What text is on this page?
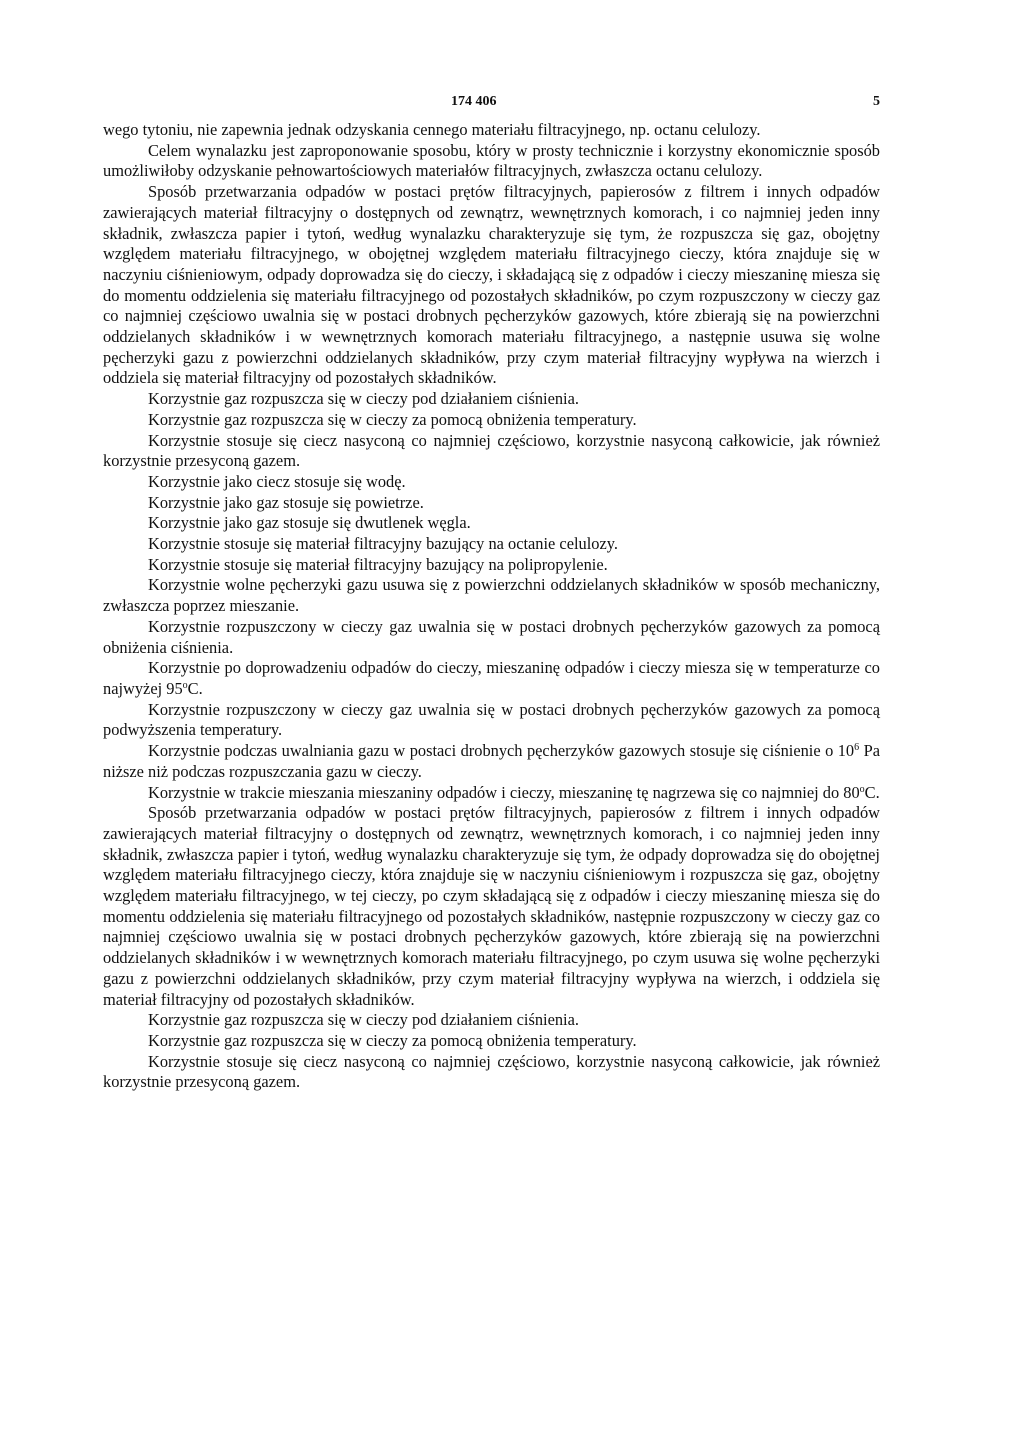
174 406	5

wego tytoniu, nie zapewnia jednak odzyskania cennego materiału filtracyjnego, np. octanu celulozy.

Celem wynalazku jest zaproponowanie sposobu, który w prosty technicznie i korzystny ekonomicznie sposób umożliwiłoby odzyskanie pełnowartościowych materiałów filtracyjnych, zwłaszcza octanu celulozy.

Sposób przetwarzania odpadów w postaci prętów filtracyjnych, papierosów z filtrem i innych odpadów zawierających materiał filtracyjny o dostępnych od zewnątrz, wewnętrznych komorach, i co najmniej jeden inny składnik, zwłaszcza papier i tytoń, według wynalazku charakteryzuje się tym, że rozpuszcza się gaz, obojętny względem materiału filtracyjnego, w obojętnej względem materiału filtracyjnego cieczy, która znajduje się w naczyniu ciśnieniowym, odpady doprowadza się do cieczy, i składającą się z odpadów i cieczy mieszaninę miesza się do momentu oddzielenia się materiału filtracyjnego od pozostałych składników, po czym rozpuszczony w cieczy gaz co najmniej częściowo uwalnia się w postaci drobnych pęcherzyków gazowych, które zbierają się na powierzchni oddzielanych składników i w wewnętrznych komorach materiału filtracyjnego, a następnie usuwa się wolne pęcherzyki gazu z powierzchni oddzielanych składników, przy czym materiał filtracyjny wypływa na wierzch i oddziela się materiał filtracyjny od pozostałych składników.

Korzystnie gaz rozpuszcza się w cieczy pod działaniem ciśnienia.

Korzystnie gaz rozpuszcza się w cieczy za pomocą obniżenia temperatury.

Korzystnie stosuje się ciecz nasyconą co najmniej częściowo, korzystnie nasyconą całkowicie, jak również korzystnie przesyconą gazem.

Korzystnie jako ciecz stosuje się wodę.

Korzystnie jako gaz stosuje się powietrze.

Korzystnie jako gaz stosuje się dwutlenek węgla.

Korzystnie stosuje się materiał filtracyjny bazujący na octanie celulozy.

Korzystnie stosuje się materiał filtracyjny bazujący na polipropylenie.

Korzystnie wolne pęcherzyki gazu usuwa się z powierzchni oddzielanych składników w sposób mechaniczny, zwłaszcza poprzez mieszanie.

Korzystnie rozpuszczony w cieczy gaz uwalnia się w postaci drobnych pęcherzyków gazowych za pomocą obniżenia ciśnienia.

Korzystnie po doprowadzeniu odpadów do cieczy, mieszaninę odpadów i cieczy miesza się w temperaturze co najwyżej 95$^o$C.

Korzystnie rozpuszczony w cieczy gaz uwalnia się w postaci drobnych pęcherzyków gazowych za pomocą podwyższenia temperatury.

Korzystnie podczas uwalniania gazu w postaci drobnych pęcherzyków gazowych stosuje się ciśnienie o $10^6$ Pa niższe niż podczas rozpuszczania gazu w cieczy.

Korzystnie w trakcie mieszania mieszaniny odpadów i cieczy, mieszaninę tę nagrzewa się co najmniej do 80$^o$C.

Sposób przetwarzania odpadów w postaci prętów filtracyjnych, papierosów z filtrem i innych odpadów zawierających materiał filtracyjny o dostępnych od zewnątrz, wewnętrznych komorach, i co najmniej jeden inny składnik, zwłaszcza papier i tytoń, według wynalazku charakteryzuje się tym, że odpady doprowadza się do obojętnej względem materiału filtracyjnego cieczy, która znajduje się w naczyniu ciśnieniowym i rozpuszcza się gaz, obojętny względem materiału filtracyjnego, w tej cieczy, po czym składającą się z odpadów i cieczy mieszaninę miesza się do momentu oddzielenia się materiału filtracyjnego od pozostałych składników, następnie rozpuszczony w cieczy gaz co najmniej częściowo uwalnia się w postaci drobnych pęcherzyków gazowych, które zbierają się na powierzchni oddzielanych składników i w wewnętrznych komorach materiału filtracyjnego, po czym usuwa się wolne pęcherzyki gazu z powierzchni oddzielanych składników, przy czym materiał filtracyjny wypływa na wierzch, i oddziela się materiał filtracyjny od pozostałych składników.

Korzystnie gaz rozpuszcza się w cieczy pod działaniem ciśnienia.

Korzystnie gaz rozpuszcza się w cieczy za pomocą obniżenia temperatury.

Korzystnie stosuje się ciecz nasyconą co najmniej częściowo, korzystnie nasyconą całkowicie, jak również korzystnie przesyconą gazem.
